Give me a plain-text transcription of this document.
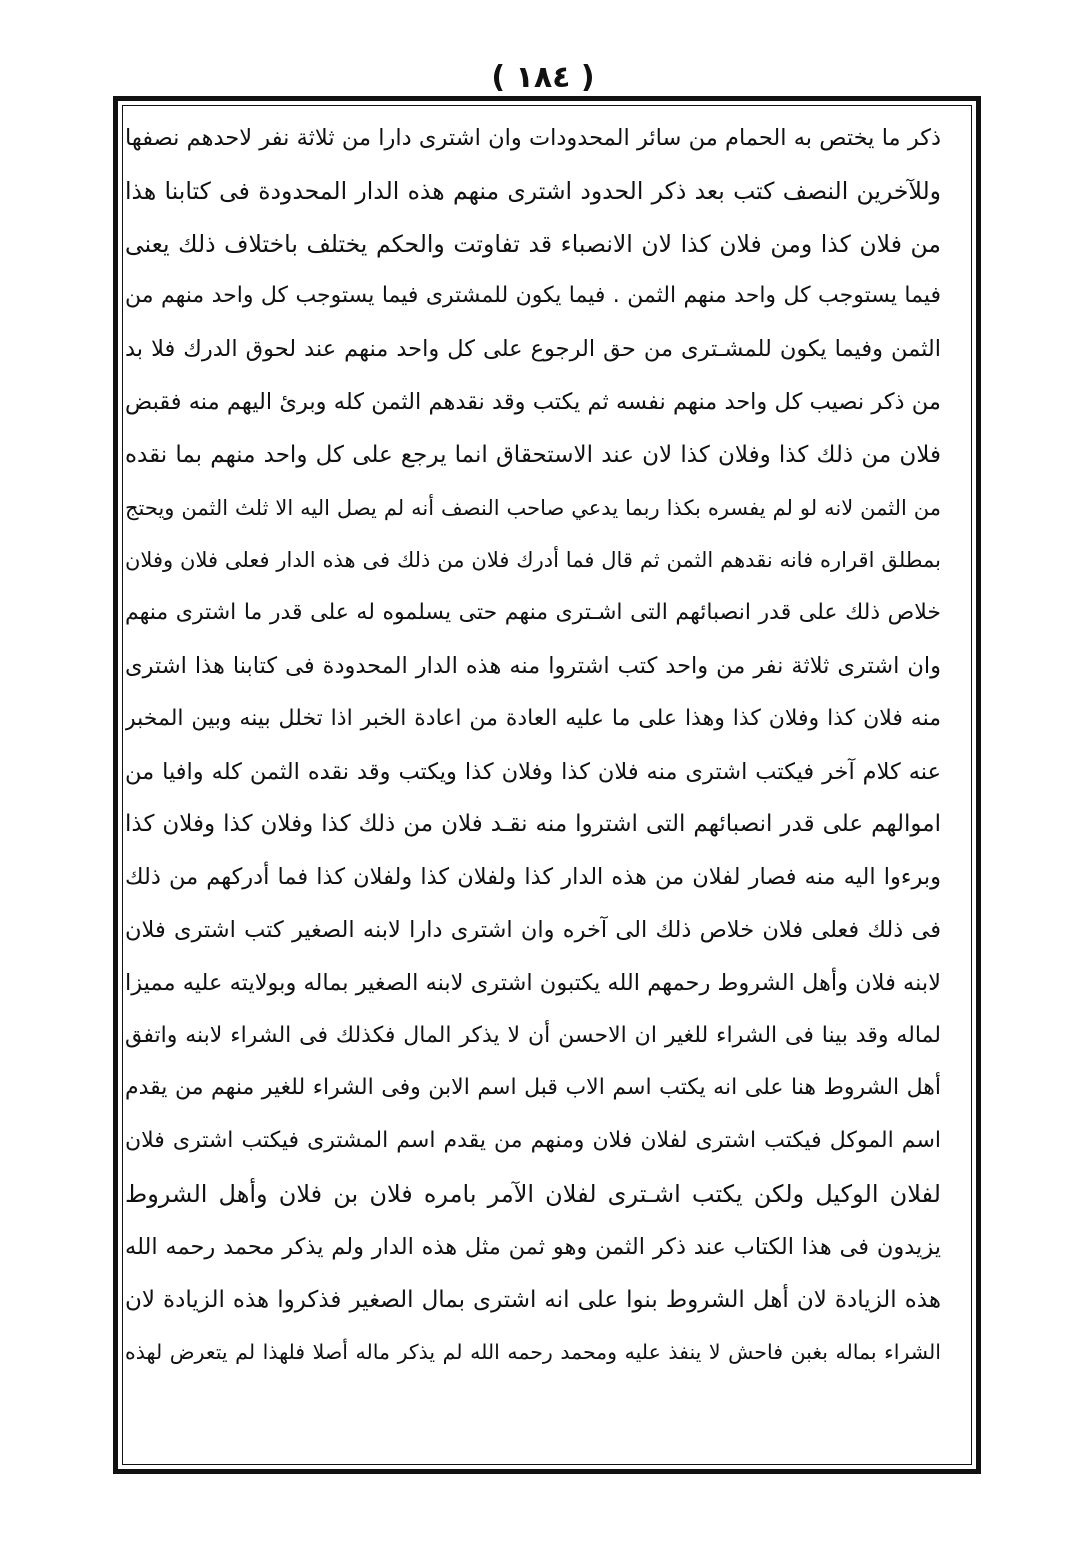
( ١٨٤ )
ذكر ما يختص به الحمام من سائر المحدودات وان اشترى دارا من ثلاثة نفر لاحدهم نصفها
وللآخرين النصف كتب بعد ذكر الحدود اشترى منهم هذه الدار المحدودة فى كتابنا هذا
من فلان كذا ومن فلان كذا لان الانصباء قد تفاوتت والحكم يختلف باختلاف ذلك يعنى
فيما يستوجب كل واحد منهم الثمن . فيما يكون للمشترى فيما يستوجب كل واحد منهم من
الثمن وفيما يكون للمشـترى من حق الرجوع على كل واحد منهم عند لحوق الدرك فلا بد
من ذكر نصيب كل واحد منهم نفسه ثم يكتب وقد نقدهم الثمن كله وبرئ اليهم منه فقبض
فلان من ذلك كذا وفلان كذا لان عند الاستحقاق انما يرجع على كل واحد منهم بما نقده
من الثمن لانه لو لم يفسره بكذا ربما يدعي صاحب النصف أنه لم يصل اليه الا ثلث الثمن ويحتج
بمطلق اقراره فانه نقدهم الثمن ثم قال فما أدرك فلان من ذلك فى هذه الدار فعلى فلان وفلان
خلاص ذلك على قدر انصبائهم التى اشـترى منهم حتى يسلموه له على قدر ما اشترى منهم
وان اشترى ثلاثة نفر من واحد كتب اشتروا منه هذه الدار المحدودة فى كتابنا هذا اشترى
منه فلان كذا وفلان كذا وهذا على ما عليه العادة من اعادة الخبر اذا تخلل بينه وبين المخبر
عنه كلام آخر فيكتب اشترى منه فلان كذا وفلان كذا ويكتب وقد نقده الثمن كله وافيا من
اموالهم على قدر انصبائهم التى اشتروا منه نقـد فلان من ذلك كذا وفلان كذا وفلان كذا
وبرءوا اليه منه فصار لفلان من هذه الدار كذا ولفلان كذا ولفلان كذا فما أدركهم من ذلك
فى ذلك فعلى فلان خلاص ذلك الى آخره وان اشترى دارا لابنه الصغير كتب اشترى فلان
لابنه فلان وأهل الشروط رحمهم الله يكتبون اشترى لابنه الصغير بماله وبولايته عليه مميزا
لماله وقد بينا فى الشراء للغير ان الاحسن أن لا يذكر المال فكذلك فى الشراء لابنه واتفق
أهل الشروط هنا على انه يكتب اسم الاب قبل اسم الابن وفى الشراء للغير منهم من يقدم
اسم الموكل فيكتب اشترى لفلان فلان ومنهم من يقدم اسم المشترى فيكتب اشترى فلان
لفلان الوكيل ولكن يكتب اشـترى لفلان الآمر بامره فلان بن فلان وأهل الشروط
يزيدون فى هذا الكتاب عند ذكر الثمن وهو ثمن مثل هذه الدار ولم يذكر محمد رحمه الله
هذه الزيادة لان أهل الشروط بنوا على انه اشترى بمال الصغير فذكروا هذه الزيادة لان
الشراء بماله بغبن فاحش لا ينفذ عليه ومحمد رحمه الله لم يذكر ماله أصلا فلهذا لم يتعرض لهذه
